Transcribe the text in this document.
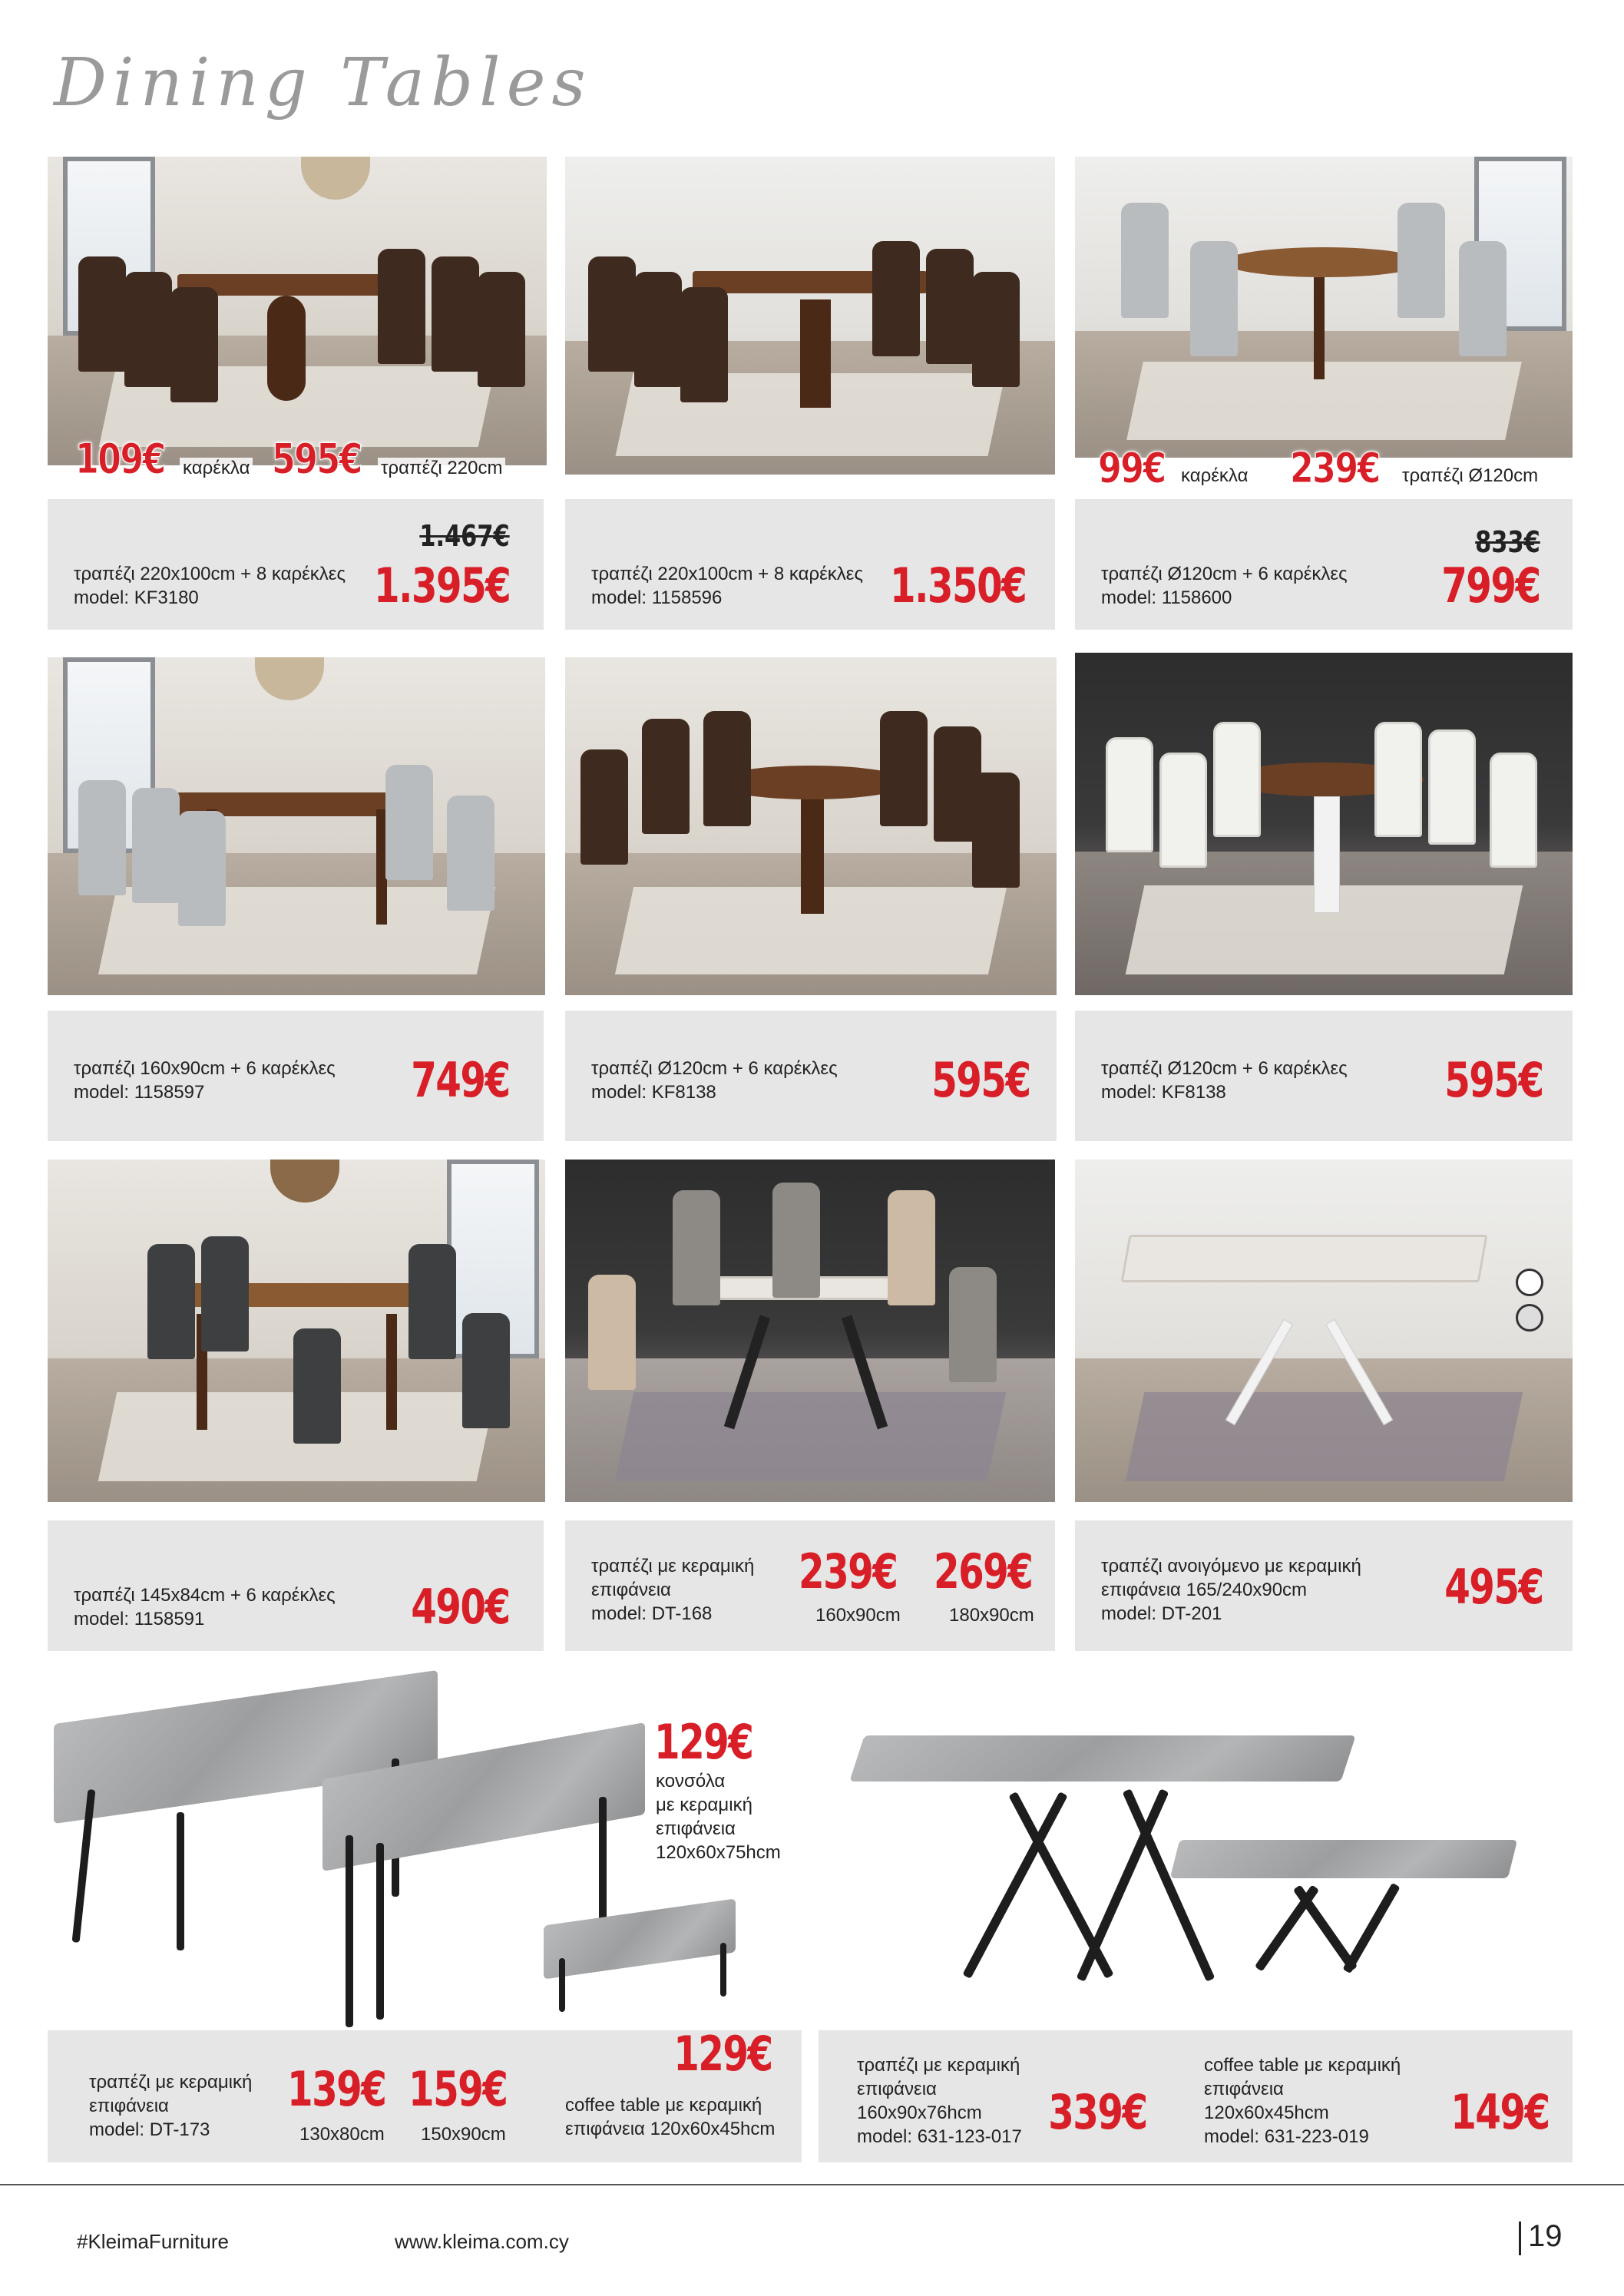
Dining Tables
109€ καρέκλα 595€ τραπέζι 220cm	99€ καρέκλα 239€ τραπέζι Ø120cm
1.467€
τραπέζι 220x100cm + 8 καρέκλες
model: KF3180	1.395€	τραπέζι 220x100cm + 8 καρέκλες
model: 1158596	1.350€
833€
τραπέζι Ø120cm + 6 καρέκλες
model: 1158600	799€
τραπέζι 160x90cm + 6 καρέκλες
model: 1158597	749€	τραπέζι Ø120cm + 6 καρέκλες
model: KF8138	595€	τραπέζι Ø120cm + 6 καρέκλες
model: KF8138	595€
τραπέζι 145x84cm + 6 καρέκλες
model: 1158591	490€
τραπέζι με κεραμική
επιφάνεια
model: DT-168
239€
160x90cm
269€
180x90cm
τραπέζι ανοιγόμενο με κεραμική
επιφάνεια 165/240x90cm
model: DT-201	495€
129€
κονσόλα
με κεραμική
επιφάνεια
120x60x75hcm
τραπέζι με κεραμική
επιφάνεια
model: DT-173
139€
130x80cm
159€
150x90cm
129€
coffee table με κεραμική
επιφάνεια 120x60x45hcm
τραπέζι με κεραμική
επιφάνεια
160x90x76hcm
model: 631-123-017 339€
coffee table με κεραμική
επιφάνεια
120x60x45hcm
model: 631-223-019	149€
#KleimaFurniture	www.kleima.com.cy	19
